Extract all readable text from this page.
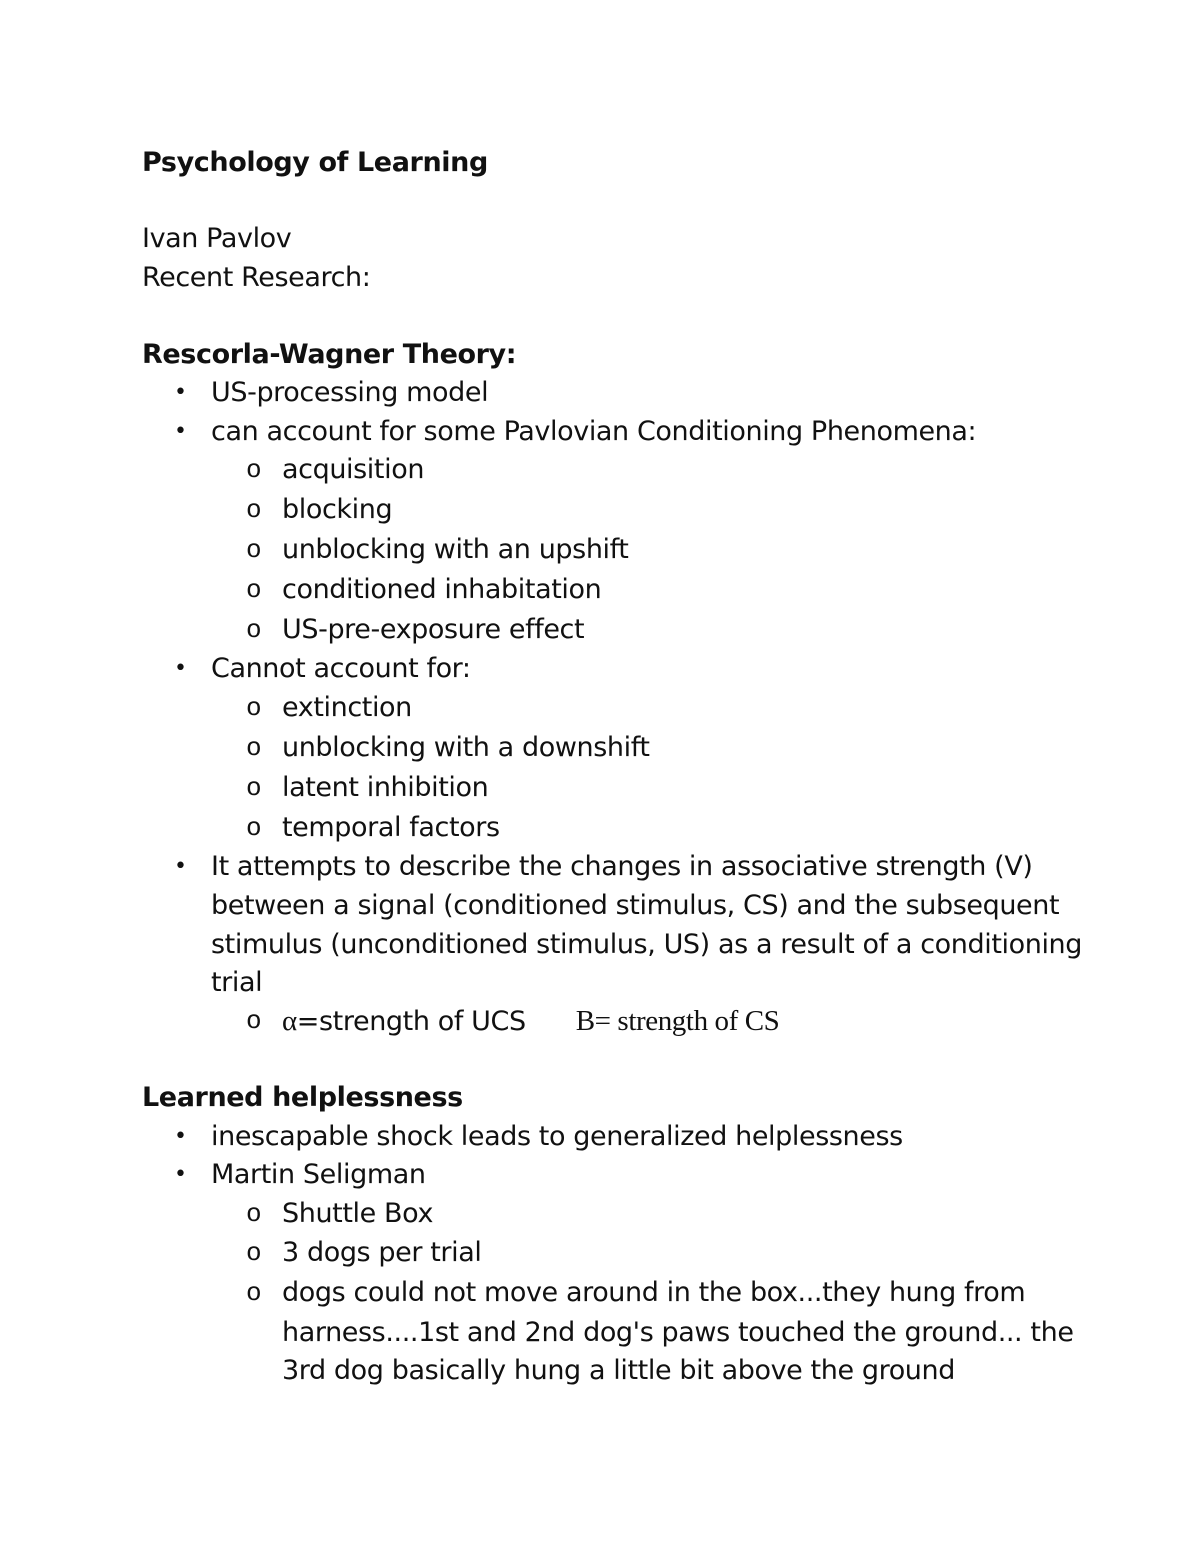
Psychology of Learning
Ivan Pavlov
Recent Research:
Rescorla-Wagner Theory:
• US-processing model
• can account for some Pavlovian Conditioning Phenomena:
o acquisition
o blocking
o unblocking with an upshift
o conditioned inhabitation
o US-pre-exposure effect
• Cannot account for:
o extinction
o unblocking with a downshift
o latent inhibition
o temporal factors
• It attempts to describe the changes in associative strength (V)
between a signal (conditioned stimulus, CS) and the subsequent
stimulus (unconditioned stimulus, US) as a result of a conditioning
trial
o α=strength of UCS B= strength of CS
Learned helplessness
• inescapable shock leads to generalized helplessness
• Martin Seligman
o Shuttle Box
o 3 dogs per trial
o dogs could not move around in the box...they hung from
harness....1st and 2nd dog's paws touched the ground... the
3rd dog basically hung a little bit above the ground
